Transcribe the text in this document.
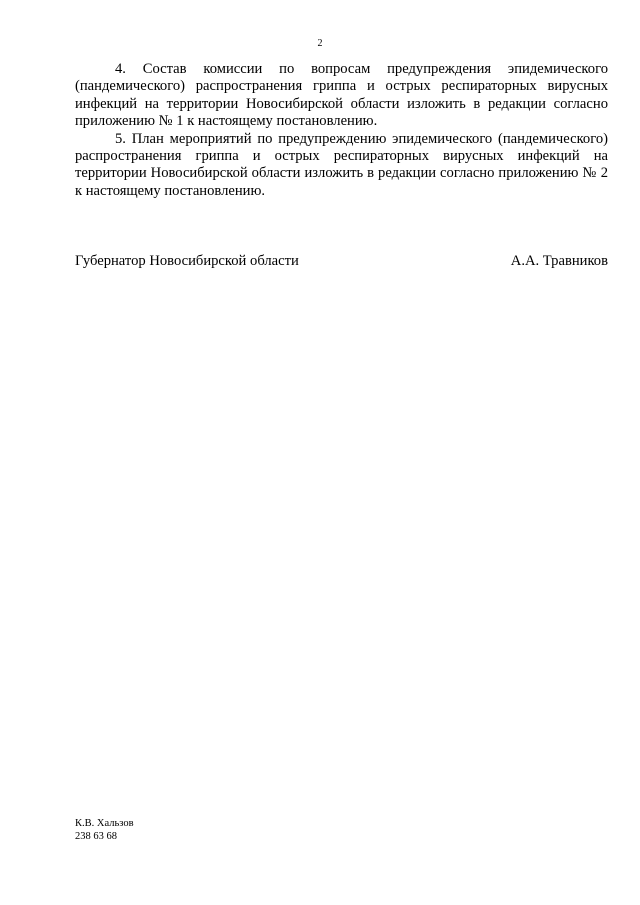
2

4. Состав комиссии по вопросам предупреждения эпидемического (пандемического) распространения гриппа и острых респираторных вирусных инфекций на территории Новосибирской области изложить в редакции согласно приложению № 1 к настоящему постановлению.

5. План мероприятий по предупреждению эпидемического (пандемического) распространения гриппа и острых респираторных вирусных инфекций на территории Новосибирской области изложить в редакции согласно приложению № 2 к настоящему постановлению.

Губернатор Новосибирской области	А.А. Травников
К.В. Хальзов
238 63 68
